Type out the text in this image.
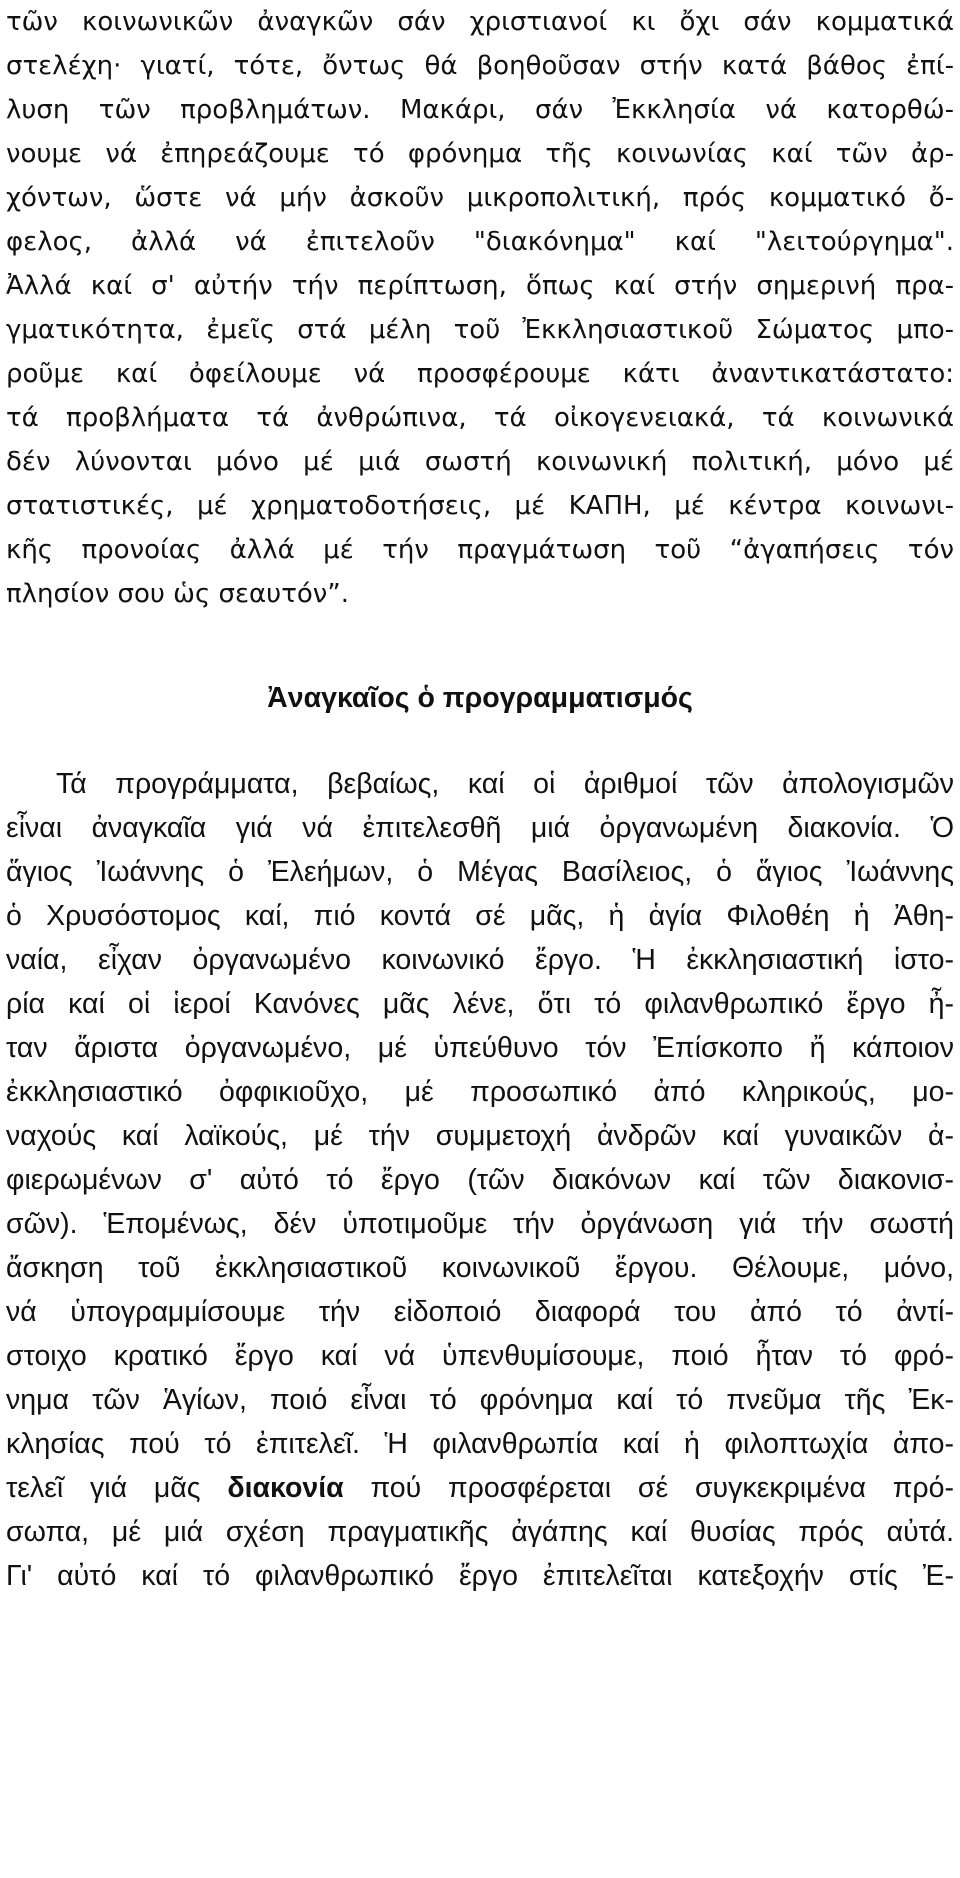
τῶν κοινωνικῶν ἀναγκῶν σάν χριστιανοί κι ὄχι σάν κομματικά
στελέχη· γιατί, τότε, ὄντως θά βοηθοῦσαν στήν κατά βάθος ἐπί-
λυση τῶν προβλημάτων. Μακάρι, σάν Ἐκκλησία νά κατορθώ-
νουμε νά ἐπηρεάζουμε τό φρόνημα τῆς κοινωνίας καί τῶν ἀρ-
χόντων, ὥστε νά μήν ἀσκοῦν μικροπολιτική, πρός κομματικό ὄ-
φελος, ἀλλά νά ἐπιτελοῦν "διακόνημα" καί "λειτούργημα".
Ἀλλά καί σ' αὐτήν τήν περίπτωση, ὅπως καί στήν σημερινή πρα-
γματικότητα, ἐμεῖς στά μέλη τοῦ Ἐκκλησιαστικοῦ Σώματος μπο-
ροῦμε καί ὀφείλουμε νά προσφέρουμε κάτι ἀναντικατάστατο:
τά προβλήματα τά ἀνθρώπινα, τά οἰκογενειακά, τά κοινωνικά
δέν λύνονται μόνο μέ μιά σωστή κοινωνική πολιτική, μόνο μέ
στατιστικές, μέ χρηματοδοτήσεις, μέ ΚΑΠΗ, μέ κέντρα κοινωνι-
κῆς προνοίας ἀλλά μέ τήν πραγμάτωση τοῦ “ἀγαπήσεις τόν
πλησίον σου ὡς σεαυτόν”.
Ἀναγκαῖος ὁ προγραμματισμός
Τά προγράμματα, βεβαίως, καί οἱ ἀριθμοί τῶν ἀπολογισμῶν
εἶναι ἀναγκαῖα γιά νά ἐπιτελεσθῆ μιά ὀργανωμένη διακονία. Ὁ
ἅγιος Ἰωάννης ὁ Ἐλεήμων, ὁ Μέγας Βασίλειος, ὁ ἅγιος Ἰωάννης
ὁ Χρυσόστομος καί, πιό κοντά σέ μᾶς, ἡ ἁγία Φιλοθέη ἡ Ἀθη-
ναία, εἶχαν ὀργανωμένο κοινωνικό ἔργο. Ἡ ἐκκλησιαστική ἱστο-
ρία καί οἱ ἱεροί Κανόνες μᾶς λένε, ὅτι τό φιλανθρωπικό ἔργο ἦ-
ταν ἄριστα ὀργανωμένο, μέ ὑπεύθυνο τόν Ἐπίσκοπο ἤ κάποιον
ἐκκλησιαστικό ὀφφικιοῦχο, μέ προσωπικό ἀπό κληρικούς, μο-
ναχούς καί λαϊκούς, μέ τήν συμμετοχή ἀνδρῶν καί γυναικῶν ἀ-
φιερωμένων σ' αὐτό τό ἔργο (τῶν διακόνων καί τῶν διακονισ-
σῶν). Ἑπομένως, δέν ὑποτιμοῦμε τήν ὀργάνωση γιά τήν σωστή
ἄσκηση τοῦ ἐκκλησιαστικοῦ κοινωνικοῦ ἔργου. Θέλουμε, μόνο,
νά ὑπογραμμίσουμε τήν εἰδοποιό διαφορά του ἀπό τό ἀντί-
στοιχο κρατικό ἔργο καί νά ὑπενθυμίσουμε, ποιό ἦταν τό φρό-
νημα τῶν Ἁγίων, ποιό εἶναι τό φρόνημα καί τό πνεῦμα τῆς Ἐκ-
κλησίας πού τό ἐπιτελεῖ. Ἡ φιλανθρωπία καί ἡ φιλοπτωχία ἀπο-
τελεῖ γιά μᾶς διακονία πού προσφέρεται σέ συγκεκριμένα πρό-
σωπα, μέ μιά σχέση πραγματικῆς ἀγάπης καί θυσίας πρός αὐτά.
Γι' αὐτό καί τό φιλανθρωπικό ἔργο ἐπιτελεῖται κατεξοχήν στίς Ἐ-
